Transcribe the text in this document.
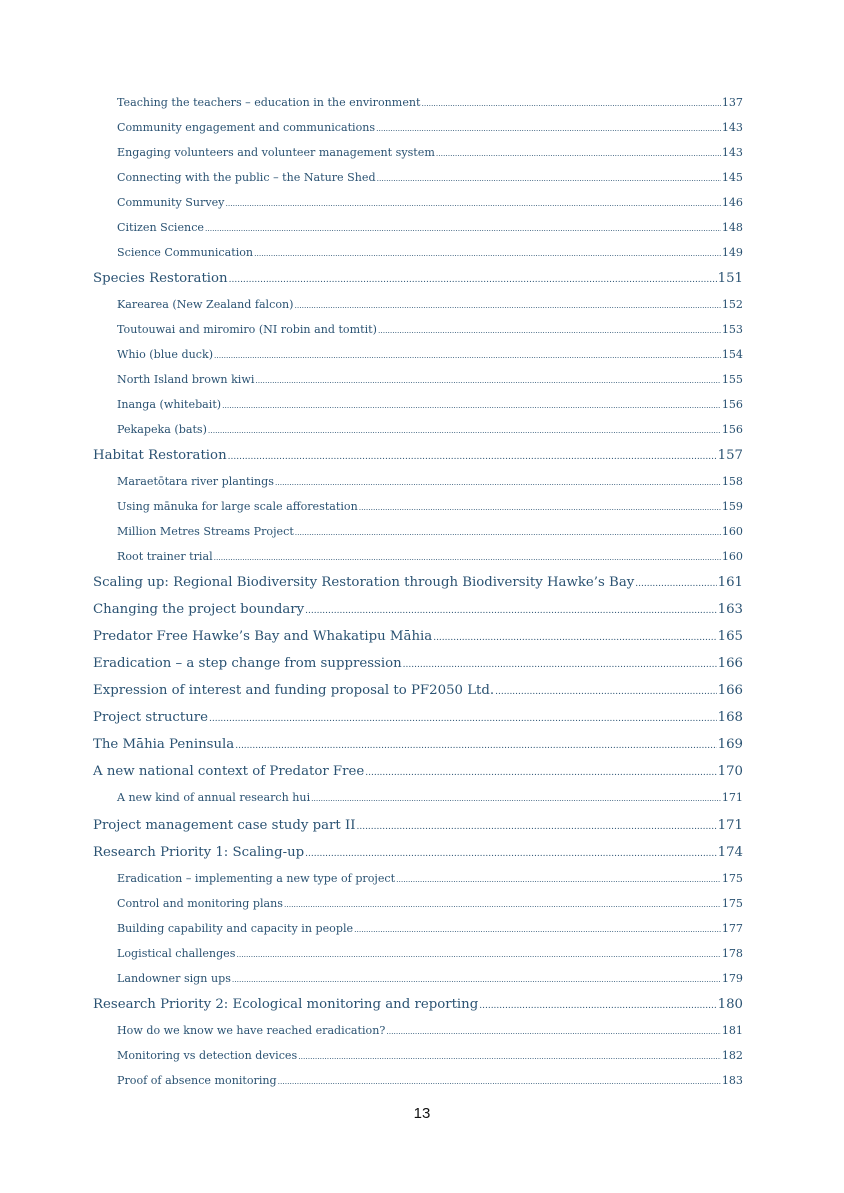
Teaching the teachers – education in the environment .....	137
Community engagement and communications .....	143
Engaging volunteers and volunteer management system .....	143
Connecting with the public – the Nature Shed .....	145
Community Survey .....	146
Citizen Science .....	148
Science Communication .....	149
Species Restoration .....	151
Karearea (New Zealand falcon) .....	152
Toutouwai and miromiro (NI robin and tomtit) .....	153
Whio (blue duck) .....	154
North Island brown kiwi .....	155
Inanga (whitebait) .....	156
Pekapeka (bats) .....	156
Habitat Restoration .....	157
Maraetōtara river plantings .....	158
Using mānuka for large scale afforestation .....	159
Million Metres Streams Project .....	160
Root trainer trial .....	160
Scaling up: Regional Biodiversity Restoration through Biodiversity Hawke’s Bay .....	161
Changing the project boundary .....	163
Predator Free Hawke’s Bay and Whakatipu Māhia .....	165
Eradication – a step change from suppression .....	166
Expression of interest and funding proposal to PF2050 Ltd. .....	166
Project structure .....	168
The Māhia Peninsula .....	169
A new national context of Predator Free .....	170
A new kind of annual research hui .....	171
Project management case study part II .....	171
Research Priority 1: Scaling-up .....	174
Eradication – implementing a new type of project .....	175
Control and monitoring plans .....	175
Building capability and capacity in people .....	177
Logistical challenges .....	178
Landowner sign ups .....	179
Research Priority 2: Ecological monitoring and reporting .....	180
How do we know we have reached eradication? .....	181
Monitoring vs detection devices .....	182
Proof of absence monitoring .....	183
13
